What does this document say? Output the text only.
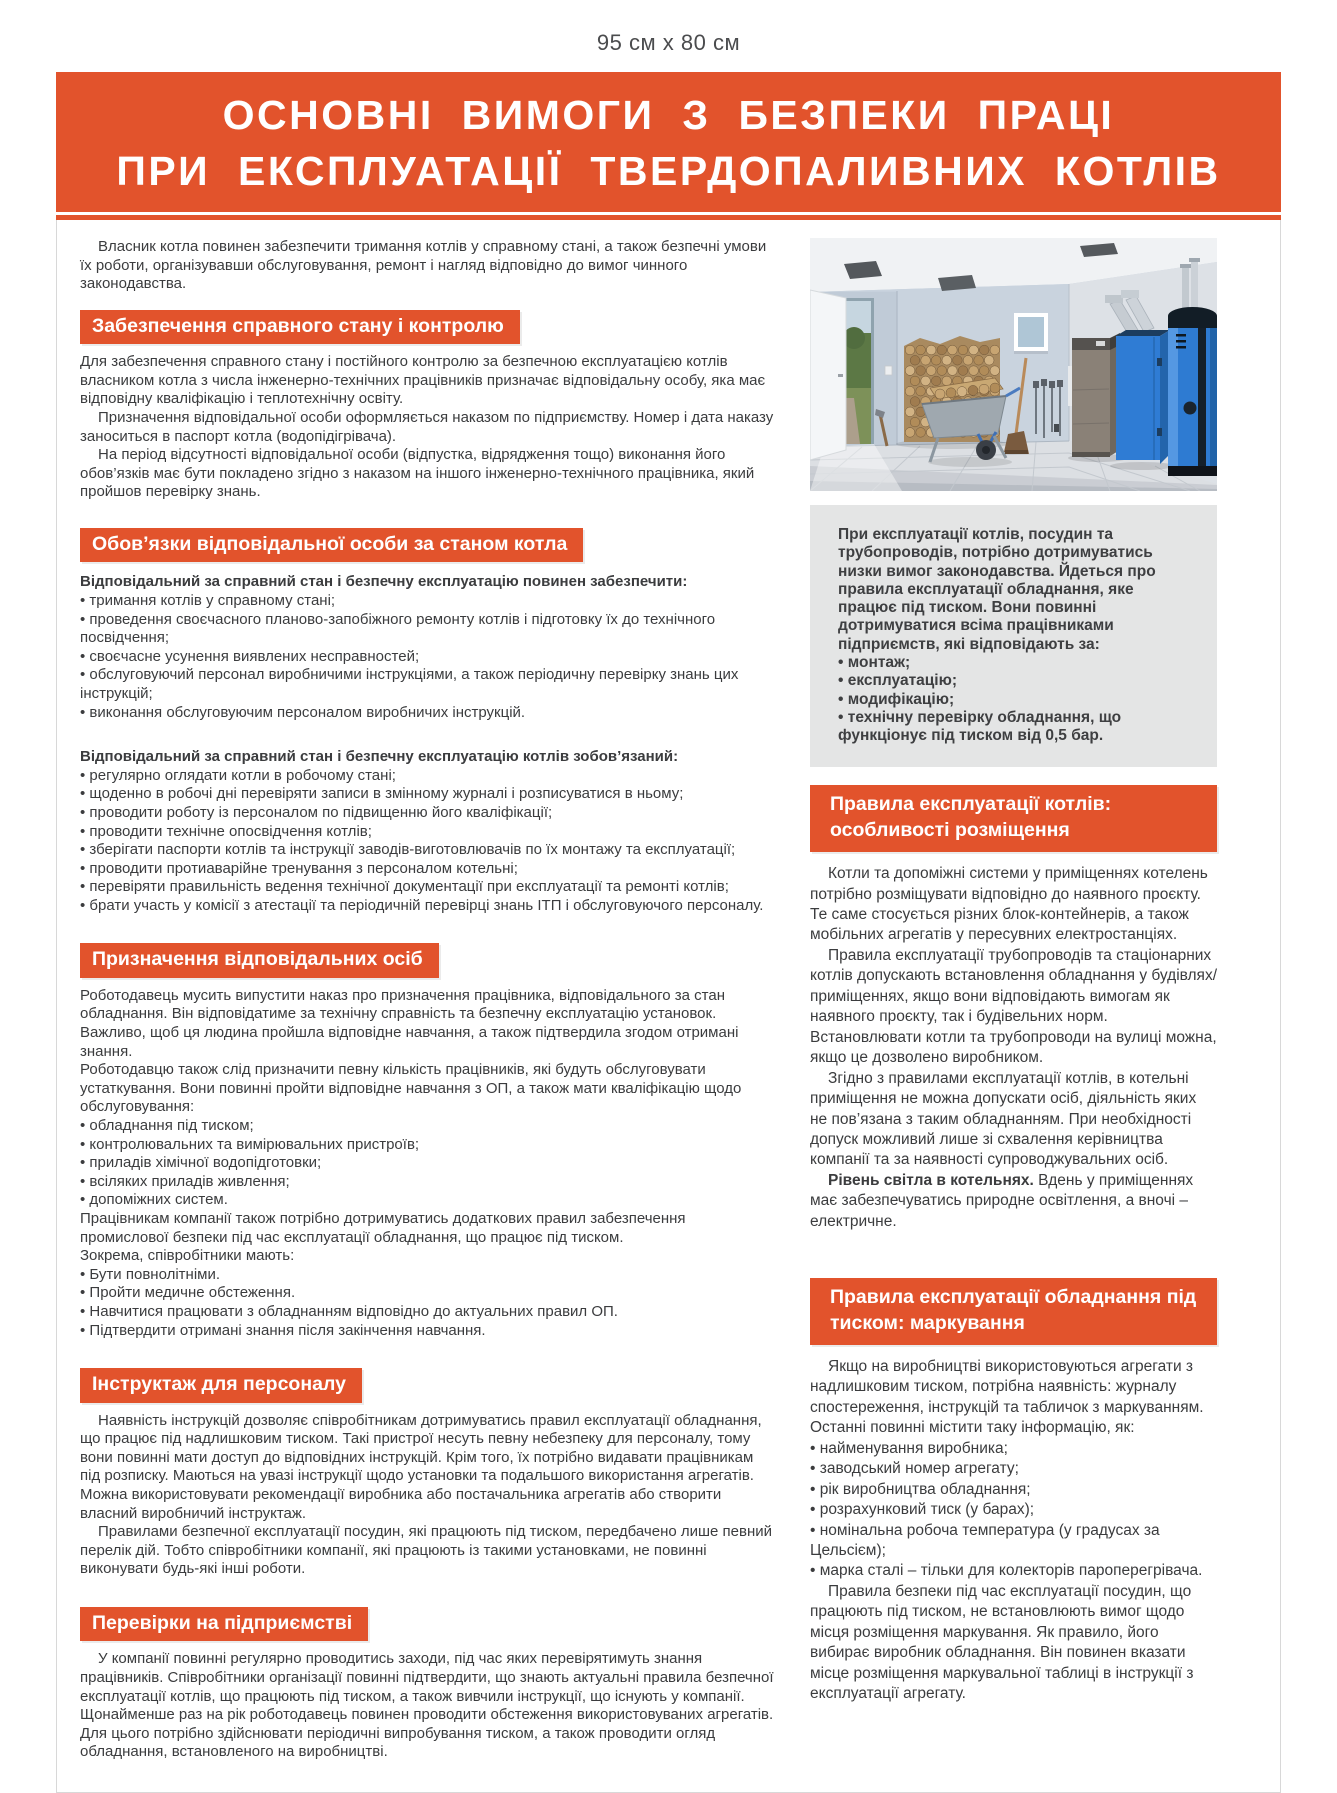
95 см x 80 см
ОСНОВНІ ВИМОГИ З БЕЗПЕКИ ПРАЦІ
ПРИ ЕКСПЛУАТАЦІЇ ТВЕРДОПАЛИВНИХ КОТЛІВ

Власник котла повинен забезпечити тримання котлів у справному стані, а також безпечні умови їх роботи, організувавши обслуговування, ремонт і нагляд відповідно до вимог чинного законодавства.

Забезпечення справного стану і контролю

Для забезпечення справного стану і постійного контролю за безпечною експлуатацією котлів власником котла з числа інженерно-технічних працівників призначає відповідальну особу, яка має відповідну кваліфікацію і теплотехнічну освіту.

Призначення відповідальної особи оформляється наказом по підприємству. Номер і дата наказу заноситься в паспорт котла (водопідігрівача).

На період відсутності відповідальної особи (відпустка, відрядження тощо) виконання його обов’язків має бути покладено згідно з наказом на іншого інженерно-технічного працівника, який пройшов перевірку знань.

Обов’язки відповідальної особи за станом котла

Відповідальний за справний стан і безпечну експлуатацію повинен забезпечити:

• тримання котлів у справному стані;
• проведення своєчасного планово-запобіжного ремонту котлів і підготовку їх до технічного посвідчення;
• своєчасне усунення виявлених несправностей;
• обслуговуючий персонал виробничими інструкціями, а також періодичну перевірку знань цих інструкцій;
• виконання обслуговуючим персоналом виробничих інструкцій.

Відповідальний за справний стан і безпечну експлуатацію котлів зобов’язаний:

• регулярно оглядати котли в робочому стані;
• щоденно в робочі дні перевіряти записи в змінному журналі і розписуватися в ньому;
• проводити роботу із персоналом по підвищенню його кваліфікації;
• проводити технічне опосвідчення котлів;
• зберігати паспорти котлів та інструкції заводів-виготовлювачів по їх монтажу та експлуатації;
• проводити протиаварійне тренування з персоналом котельні;
• перевіряти правильність ведення технічної документації при експлуатації та ремонті котлів;
• брати участь у комісії з атестації та періодичній перевірці знань ІТП і обслуговуючого персоналу.
Призначення відповідальних осіб

Роботодавець мусить випустити наказ про призначення працівника, відповідального за стан обладнання. Він відповідатиме за технічну справність та безпечну експлуатацію установок. Важливо, щоб ця людина пройшла відповідне навчання, а також підтвердила згодом отримані знання.

Роботодавцю також слід призначити певну кількість працівників, які будуть обслуговувати устаткування. Вони повинні пройти відповідне навчання з ОП, а також мати кваліфікацію щодо обслуговування:

• обладнання під тиском;
• контролювальних та вимірювальних пристроїв;
• приладів хімічної водопідготовки;
• всіляких приладів живлення;
• допоміжних систем.

Працівникам компанії також потрібно дотримуватись додаткових правил забезпечення промислової безпеки під час експлуатації обладнання, що працює під тиском.

Зокрема, співробітники мають:

• Бути повнолітніми.
• Пройти медичне обстеження.
• Навчитися працювати з обладнанням відповідно до актуальних правил ОП.
• Підтвердити отримані знання після закінчення навчання.
Інструктаж для персоналу

Наявність інструкцій дозволяє співробітникам дотримуватись правил експлуатації обладнання, що працює під надлишковим тиском. Такі пристрої несуть певну небезпеку для персоналу, тому вони повинні мати доступ до відповідних інструкцій. Крім того, їх потрібно видавати працівникам під розписку. Маються на увазі інструкції щодо установки та подальшого використання агрегатів. Можна використовувати рекомендації виробника або постачальника агрегатів або створити власний виробничий інструктаж.

Правилами безпечної експлуатації посудин, які працюють під тиском, передбачено лише певний перелік дій. Тобто співробітники компанії, які працюють із такими установками, не повинні виконувати будь-які інші роботи.

Перевірки на підприємстві

У компанії повинні регулярно проводитись заходи, під час яких перевірятимуть знання працівників. Співробітники організації повинні підтвердити, що знають актуальні правила безпечної експлуатації котлів, що працюють під тиском, а також вивчили інструкції, що існують у компанії.

Щонайменше раз на рік роботодавець повинен проводити обстеження використовуваних агрегатів. Для цього потрібно здійснювати періодичні випробування тиском, а також проводити огляд обладнання, встановленого на виробництві.

При експлуатації котлів, посудин та трубопроводів, потрібно дотримуватись низки вимог законодавства. Йдеться про правила експлуатації обладнання, яке працює під тиском. Вони повинні дотримуватися всіма працівниками підприємств, які відповідають за:

• монтаж;
• експлуатацію;
• модифікацію;
• технічну перевірку обладнання, що функціонує під тиском від 0,5 бар.
Правила експлуатації котлів: особливості розміщення

Котли та допоміжні системи у приміщеннях котелень потрібно розміщувати відповідно до наявного проєкту. Те саме стосується різних блок-контейнерів, а також мобільних агрегатів у пересувних електростанціях.

Правила експлуатації трубопроводів та стаціонарних котлів допускають встановлення обладнання у будівлях/приміщеннях, якщо вони відповідають вимогам як наявного проєкту, так і будівельних норм. Встановлювати котли та трубопроводи на вулиці можна, якщо це дозволено виробником.

Згідно з правилами експлуатації котлів, в котельні приміщення не можна допускати осіб, діяльність яких не пов’язана з таким обладнанням. При необхідності допуск можливий лише зі схвалення керівництва компанії та за наявності супроводжувальних осіб.

Рівень світла в котельнях. Вдень у приміщеннях має забезпечуватись природне освітлення, а вночі – електричне.

Правила експлуатації обладнання під тиском: маркування

Якщо на виробництві використовуються агрегати з надлишковим тиском, потрібна наявність: журналу спостереження, інструкцій та табличок з маркуванням. Останні повинні містити таку інформацію, як:

• найменування виробника;
• заводський номер агрегату;
• рік виробництва обладнання;
• розрахунковий тиск (у барах);
• номінальна робоча температура (у градусах за Цельсієм);
• марка сталі – тільки для колекторів пароперегрівача.

Правила безпеки під час експлуатації посудин, що працюють під тиском, не встановлюють вимог щодо місця розміщення маркування. Як правило, його вибирає виробник обладнання. Він повинен вказати місце розміщення маркувальної таблиці в інструкції з експлуатації агрегату.
